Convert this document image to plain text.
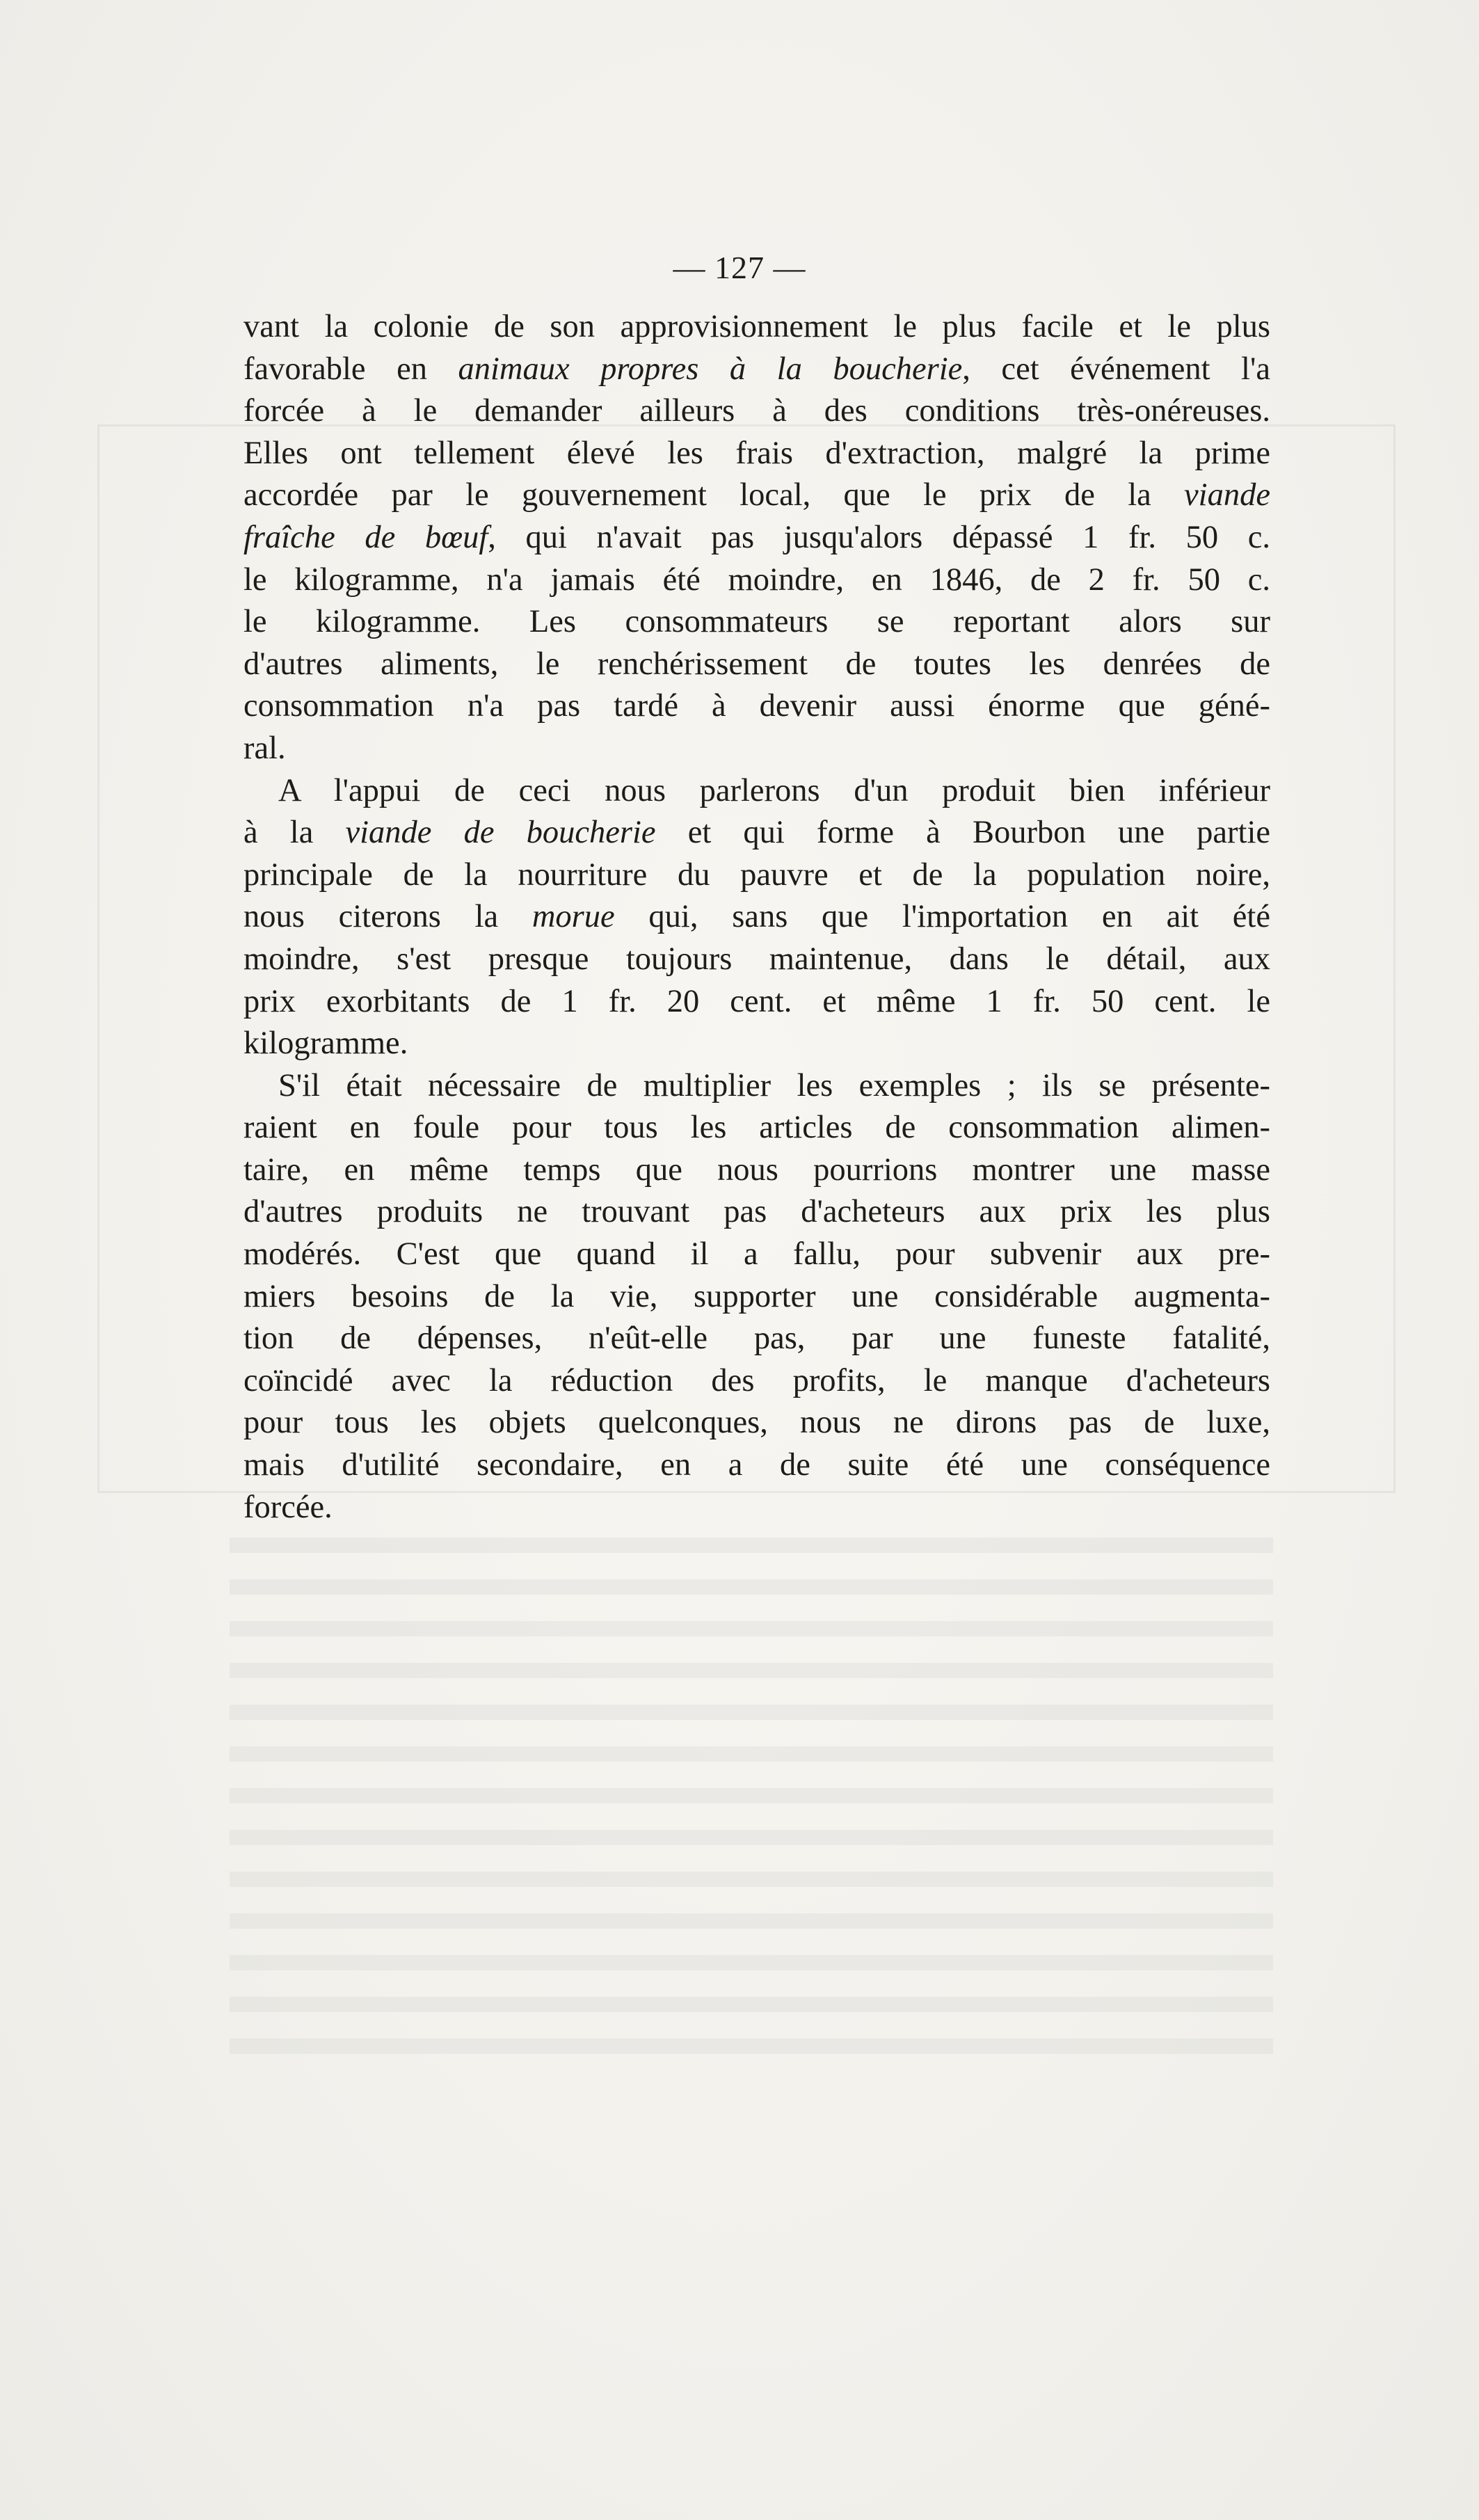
— 127 —

vant la colonie de son approvisionnement le plus facile et le plus
favorable en animaux propres à la boucherie, cet événement l'a
forcée à le demander ailleurs à des conditions très-onéreuses.
Elles ont tellement élevé les frais d'extraction, malgré la prime
accordée par le gouvernement local, que le prix de la viande
fraîche de bœuf, qui n'avait pas jusqu'alors dépassé 1 fr. 50 c.
le kilogramme, n'a jamais été moindre, en 1846, de 2 fr. 50 c.
le kilogramme. Les consommateurs se reportant alors sur
d'autres aliments, le renchérissement de toutes les denrées de
consommation n'a pas tardé à devenir aussi énorme que géné-
ral.

A l'appui de ceci nous parlerons d'un produit bien inférieur
à la viande de boucherie et qui forme à Bourbon une partie
principale de la nourriture du pauvre et de la population noire,
nous citerons la morue qui, sans que l'importation en ait été
moindre, s'est presque toujours maintenue, dans le détail, aux
prix exorbitants de 1 fr. 20 cent. et même 1 fr. 50 cent. le
kilogramme.

S'il était nécessaire de multiplier les exemples ; ils se présente-
raient en foule pour tous les articles de consommation alimen-
taire, en même temps que nous pourrions montrer une masse
d'autres produits ne trouvant pas d'acheteurs aux prix les plus
modérés. C'est que quand il a fallu, pour subvenir aux pre-
miers besoins de la vie, supporter une considérable augmenta-
tion de dépenses, n'eût-elle pas, par une funeste fatalité,
coïncidé avec la réduction des profits, le manque d'acheteurs
pour tous les objets quelconques, nous ne dirons pas de luxe,
mais d'utilité secondaire, en a de suite été une conséquence
forcée.
